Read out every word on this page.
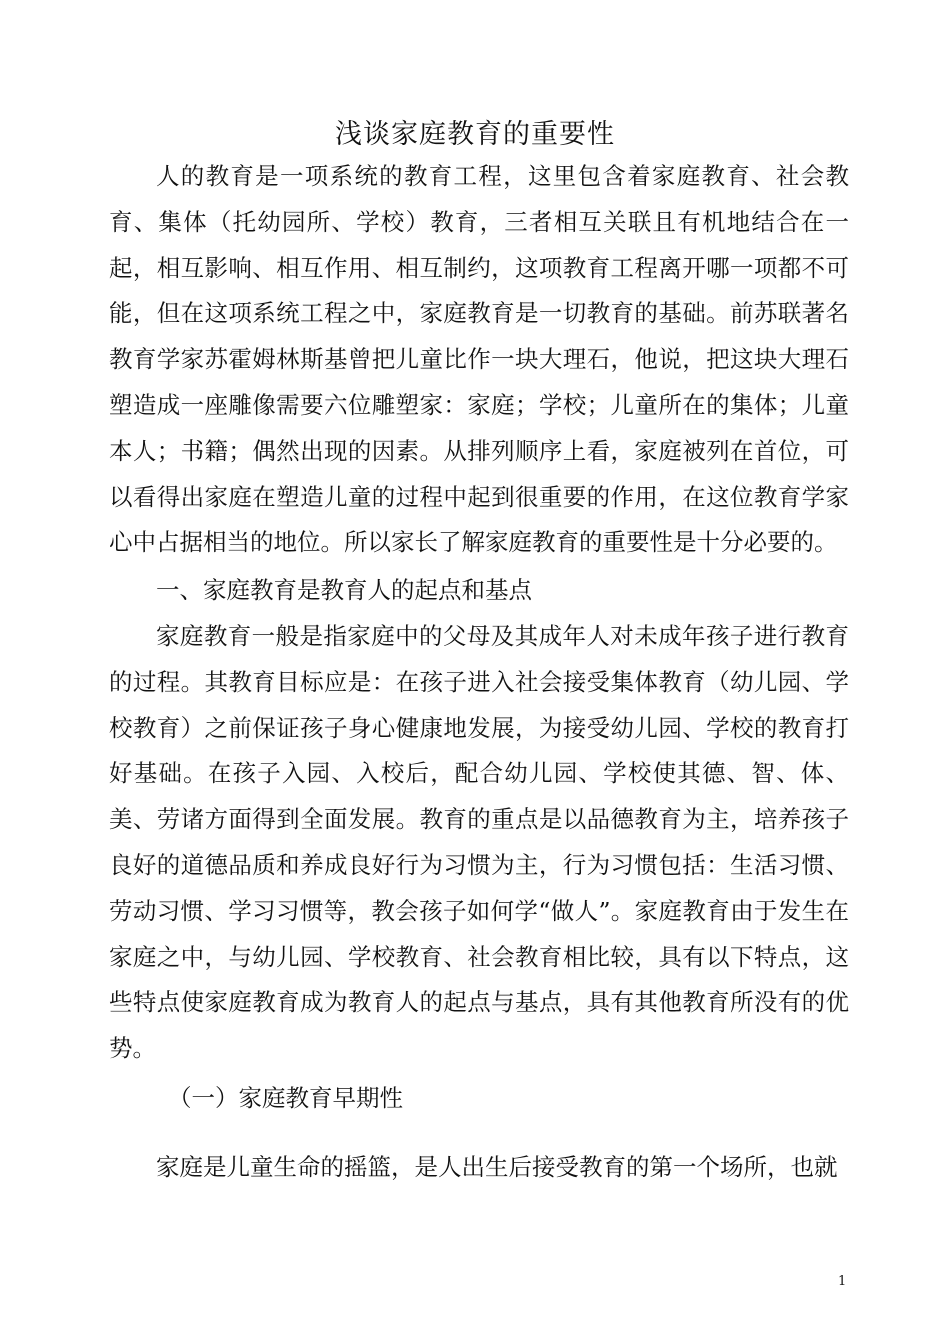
浅谈家庭教育的重要性

人的教育是一项系统的教育工程，这里包含着家庭教育、社会教育、集体（托幼园所、学校）教育，三者相互关联且有机地结合在一起，相互影响、相互作用、相互制约，这项教育工程离开哪一项都不可能，但在这项系统工程之中，家庭教育是一切教育的基础。前苏联著名教育学家苏霍姆林斯基曾把儿童比作一块大理石，他说，把这块大理石塑造成一座雕像需要六位雕塑家：家庭；学校；儿童所在的集体；儿童本人；书籍；偶然出现的因素。从排列顺序上看，家庭被列在首位，可以看得出家庭在塑造儿童的过程中起到很重要的作用，在这位教育学家心中占据相当的地位。所以家长了解家庭教育的重要性是十分必要的。

一、家庭教育是教育人的起点和基点

家庭教育一般是指家庭中的父母及其成年人对未成年孩子进行教育的过程。其教育目标应是：在孩子进入社会接受集体教育（幼儿园、学校教育）之前保证孩子身心健康地发展，为接受幼儿园、学校的教育打好基础。在孩子入园、入校后，配合幼儿园、学校使其德、智、体、美、劳诸方面得到全面发展。教育的重点是以品德教育为主，培养孩子良好的道德品质和养成良好行为习惯为主，行为习惯包括：生活习惯、劳动习惯、学习习惯等，教会孩子如何学“做人”。家庭教育由于发生在家庭之中，与幼儿园、学校教育、社会教育相比较，具有以下特点，这些特点使家庭教育成为教育人的起点与基点，具有其他教育所没有的优势。

（一）家庭教育早期性

家庭是儿童生命的摇篮，是人出生后接受教育的第一个场所，也就

1
